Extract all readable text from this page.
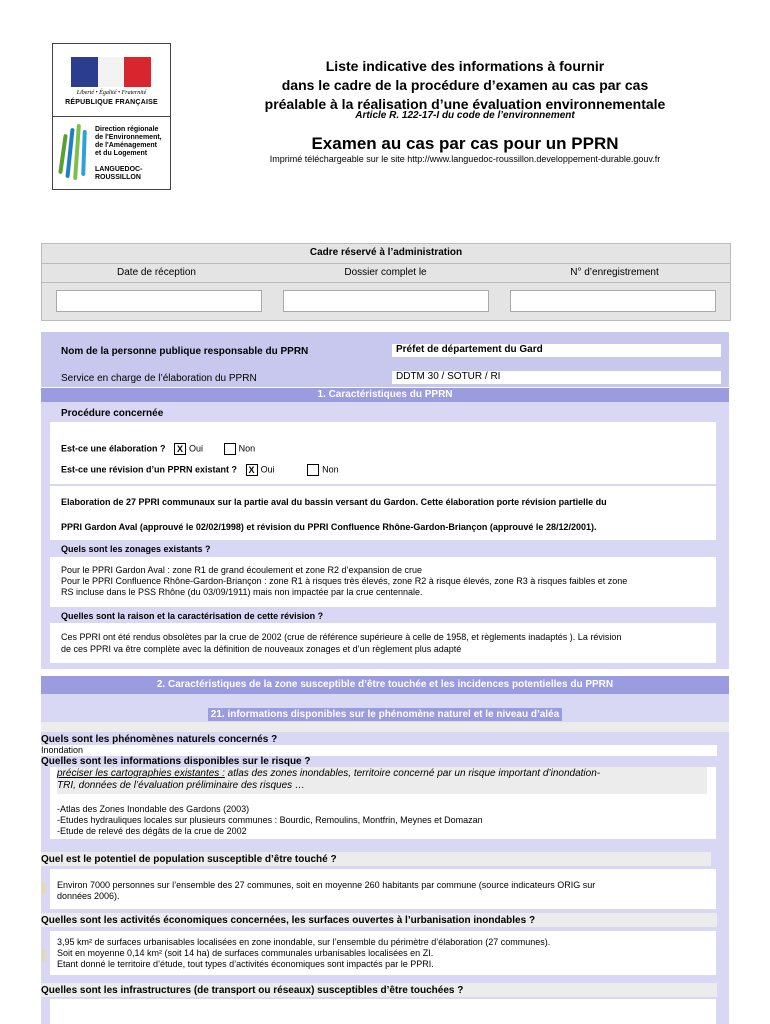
Liberté • Égalité • Fraternité
RÉPUBLIQUE FRANÇAISE
Direction régionale
de l'Environnement,
de l'Aménagement
et du Logement
LANGUEDOC-
ROUSSILLON
Liste indicative des informations à fournir
dans le cadre de la procédure d’examen au cas par cas
préalable à la réalisation d’une évaluation environnementale
Article R. 122-17-I du code de l’environnement
Examen au cas par cas pour un PPRN
Imprimé téléchargeable sur le site http://www.languedoc-roussillon.developpement-durable.gouv.fr
Cadre réservé à l’administration
Date de réception	Dossier complet le	N° d’enregistrement
Nom de la personne publique responsable du PPRN	Préfet de département du Gard
Service en charge de l’élaboration du PPRN	DDTM 30 / SOTUR / RI
1. Caractéristiques du PPRN
Procédure concernée
Est-ce une élaboration ? X Oui	Non
Est-ce une révision d’un PPRN existant ? X Oui	Non
Elaboration de 27 PPRI communaux sur la partie aval du bassin versant du Gardon. Cette élaboration porte révision partielle du
PPRI Gardon Aval (approuvé le 02/02/1998) et révision du PPRI Confluence Rhône-Gardon-Briançon (approuvé le 28/12/2001).
Quels sont les zonages existants ?
Pour le PPRI Gardon Aval : zone R1 de grand écoulement et zone R2 d’expansion de crue
Pour le PPRI Confluence Rhône-Gardon-Briançon : zone R1 à risques très élevés, zone R2 à risque élevés, zone R3 à risques faibles et zone
RS incluse dans le PSS Rhône (du 03/09/1911) mais non impactée par la crue centennale.
Quelles sont la raison et la caractérisation de cette révision ?
Ces PPRI ont été rendus obsolètes par la crue de 2002 (crue de référence supérieure à celle de 1958, et règlements inadaptés ). La révision
de ces PPRI va être complète avec la définition de nouveaux zonages et d’un règlement plus adapté
2. Caractéristiques de la zone susceptible d’être touchée et les incidences potentielles du PPRN
21. informations disponibles sur le phénomène naturel et le niveau d’aléa
Quels sont les phénomènes naturels concernés ?
Inondation
Quelles sont les informations disponibles sur le risque ?
préciser les cartographies existantes : atlas des zones inondables, territoire concerné par un risque important d’inondation-
TRI, données de l’évaluation préliminaire des risques …
-Atlas des Zones Inondable des Gardons (2003)
-Etudes hydrauliques locales sur plusieurs communes : Bourdic, Remoulins, Montfrin, Meynes et Domazan
-Etude de relevé des dégâts de la crue de 2002
Quel est le potentiel de population susceptible d’être touché ?
Environ 7000 personnes sur l’ensemble des 27 communes, soit en moyenne 260 habitants par commune (source indicateurs ORIG sur
données 2006).
Quelles sont les activités économiques concernées, les surfaces ouvertes à l’urbanisation inondables ?
3,95 km² de surfaces urbanisables localisées en zone inondable, sur l’ensemble du périmètre d’élaboration (27 communes).
Soit en moyenne 0,14 km² (soit 14 ha) de surfaces communales urbanisables localisées en ZI.
Etant donné le territoire d’étude, tout types d’activités économiques sont impactés par le PPRI.
Quelles sont les infrastructures (de transport ou réseaux) susceptibles d’être touchées ?
